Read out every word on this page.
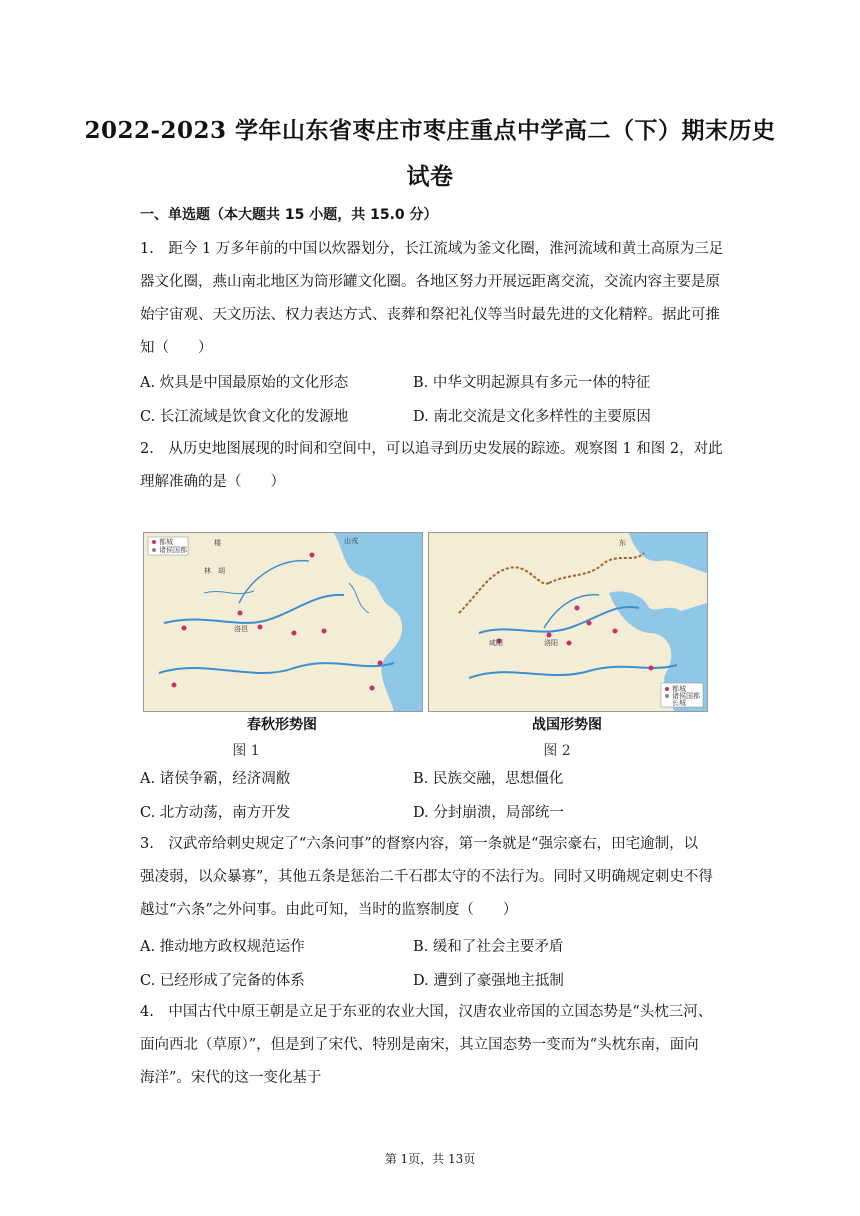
2022-2023 学年山东省枣庄市枣庄重点中学高二（下）期末历史
试卷
一、单选题（本大题共 15 小题，共 15.0 分）
1.　距今 1 万多年前的中国以炊器划分，长江流域为釜文化圈，淮河流域和黄土高原为三足
器文化圈，燕山南北地区为筒形罐文化圈。各地区努力开展远距离交流，交流内容主要是原
始宇宙观、天文历法、权力表达方式、丧葬和祭祀礼仪等当时最先进的文化精粹。据此可推
知（　　）
A. 炊具是中国最原始的文化形态	B. 中华文明起源具有多元一体的特征
C. 长江流域是饮食文化的发源地	D. 南北交流是文化多样性的主要原因
2.　从历史地图展现的时间和空间中，可以追寻到历史发展的踪迹。观察图 1 和图 2，对此
理解准确的是（　　）
都城
诸侯国都
洛邑
楼
林　胡
山戎
春秋形势图
都城
诸侯国都
长城
洛阳
东
咸阳
战国形势图
图 1	图 2
A. 诸侯争霸，经济凋敝	B. 民族交融，思想僵化
C. 北方动荡，南方开发	D. 分封崩溃，局部统一
3.　汉武帝给刺史规定了“六条问事”的督察内容，第一条就是“强宗豪右，田宅逾制，以
强凌弱，以众暴寡”，其他五条是惩治二千石郡太守的不法行为。同时又明确规定刺史不得
越过“六条”之外问事。由此可知，当时的监察制度（　　）
A. 推动地方政权规范运作	B. 缓和了社会主要矛盾
C. 已经形成了完备的体系	D. 遭到了豪强地主抵制
4.　中国古代中原王朝是立足于东亚的农业大国，汉唐农业帝国的立国态势是“头枕三河、
面向西北（草原）”，但是到了宋代、特别是南宋，其立国态势一变而为“头枕东南，面向
海洋”。宋代的这一变化基于
第 1页，共 13页
